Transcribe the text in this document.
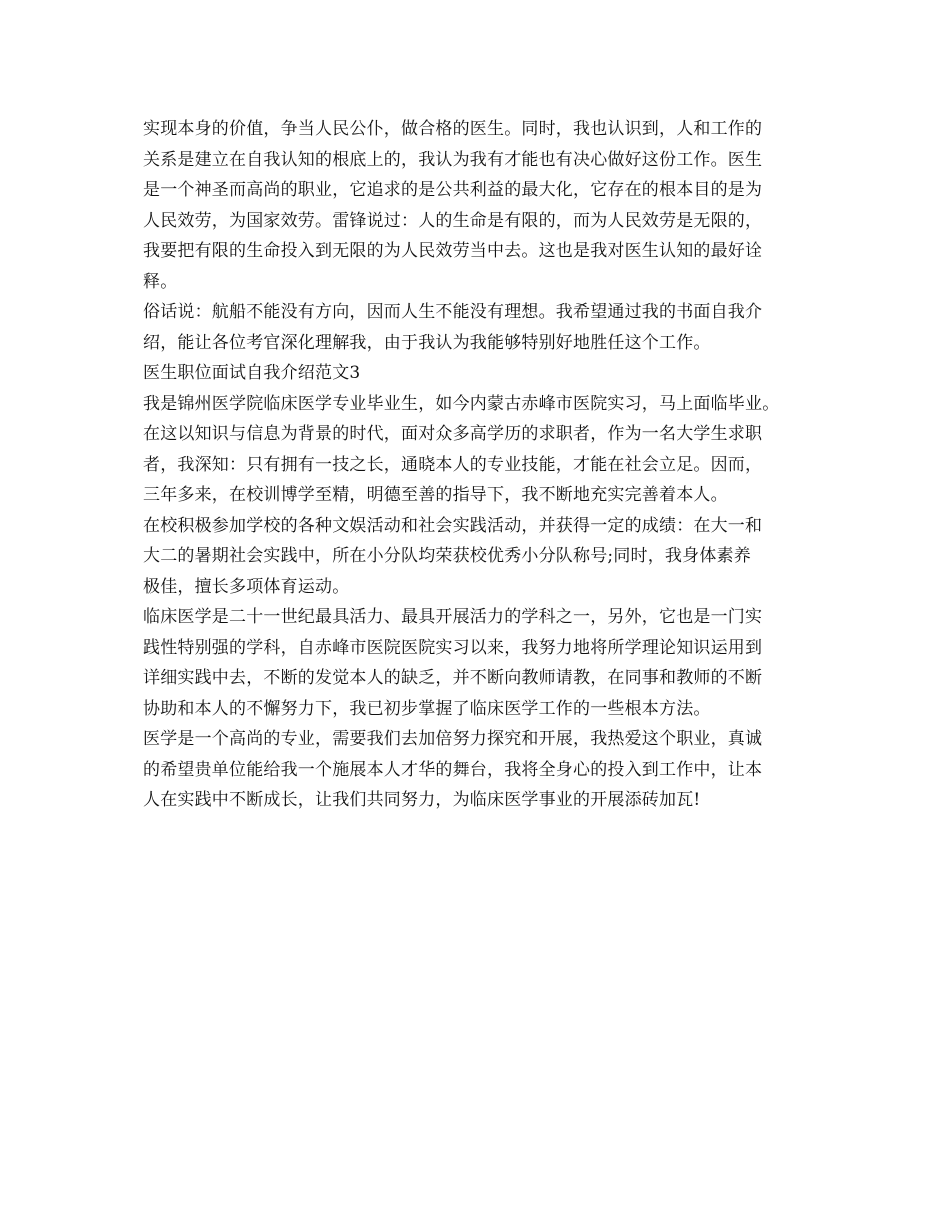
实现本身的价值，争当人民公仆，做合格的医生。同时，我也认识到，人和工作的
关系是建立在自我认知的根底上的，我认为我有才能也有决心做好这份工作。医生
是一个神圣而高尚的职业，它追求的是公共利益的最大化，它存在的根本目的是为
人民效劳，为国家效劳。雷锋说过：人的生命是有限的，而为人民效劳是无限的，
我要把有限的生命投入到无限的为人民效劳当中去。这也是我对医生认知的最好诠
释。
俗话说：航船不能没有方向，因而人生不能没有理想。我希望通过我的书面自我介
绍，能让各位考官深化理解我，由于我认为我能够特别好地胜任这个工作。
医生职位面试自我介绍范文3
我是锦州医学院临床医学专业毕业生，如今内蒙古赤峰市医院实习，马上面临毕业。
在这以知识与信息为背景的时代，面对众多高学历的求职者，作为一名大学生求职
者，我深知：只有拥有一技之长，通晓本人的专业技能，才能在社会立足。因而，
三年多来，在校训博学至精，明德至善的指导下，我不断地充实完善着本人。
在校积极参加学校的各种文娱活动和社会实践活动，并获得一定的成绩：在大一和
大二的暑期社会实践中，所在小分队均荣获校优秀小分队称号;同时，我身体素养
极佳，擅长多项体育运动。
临床医学是二十一世纪最具活力、最具开展活力的学科之一，另外，它也是一门实
践性特别强的学科，自赤峰市医院医院实习以来，我努力地将所学理论知识运用到
详细实践中去，不断的发觉本人的缺乏，并不断向教师请教，在同事和教师的不断
协助和本人的不懈努力下，我已初步掌握了临床医学工作的一些根本方法。
医学是一个高尚的专业，需要我们去加倍努力探究和开展，我热爱这个职业，真诚
的希望贵单位能给我一个施展本人才华的舞台，我将全身心的投入到工作中，让本
人在实践中不断成长，让我们共同努力，为临床医学事业的开展添砖加瓦!
